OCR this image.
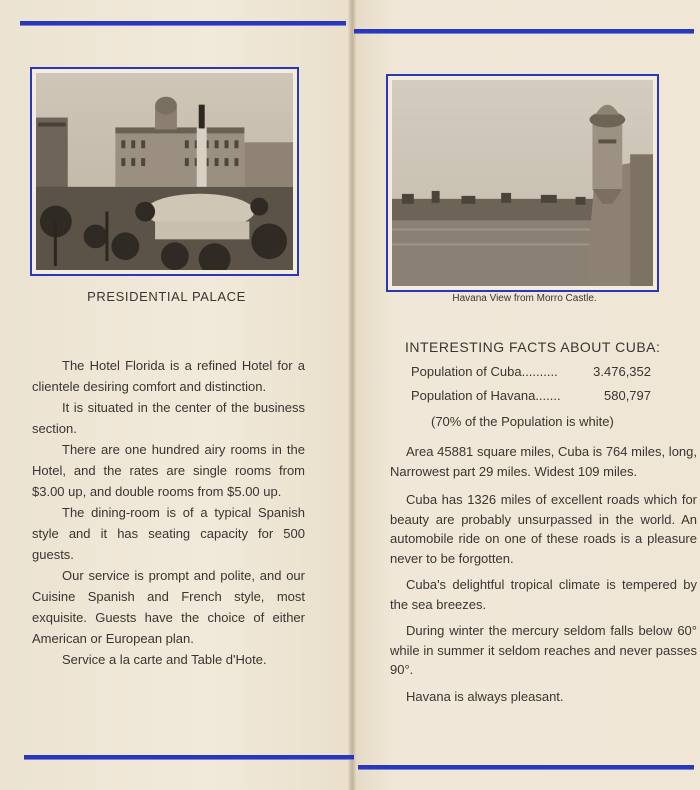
PRESIDENTIAL PALACE

The Hotel Florida is a refined Hotel for a clientele desiring comfort and distinction.

It is situated in the center of the business section.

There are one hundred airy rooms in the Hotel, and the rates are single rooms from $3.00 up, and double rooms from $5.00 up.

The dining-room is of a typical Spanish style and it has seating capacity for 500 guests.

Our service is prompt and polite, and our Cuisine Spanish and French style, most exquisite. Guests have the choice of either American or European plan.

Service a la carte and Table d'Hote.

Havana View from Morro Castle.
INTERESTING FACTS ABOUT CUBA:
Population of Cuba..........	3.476,352
Population of Havana.......	580,797
(70% of the Population is white)

Area 45881 square miles, Cuba is 764 miles, long, Narrowest part 29 miles. Widest 109 miles.

Cuba has 1326 miles of excellent roads which for beauty are probably unsurpassed in the world. An automobile ride on one of these roads is a pleasure never to be forgotten.

Cuba's delightful tropical climate is tempered by the sea breezes.

During winter the mercury seldom falls below 60° while in summer it seldom reaches and never passes 90°.

Havana is always pleasant.
